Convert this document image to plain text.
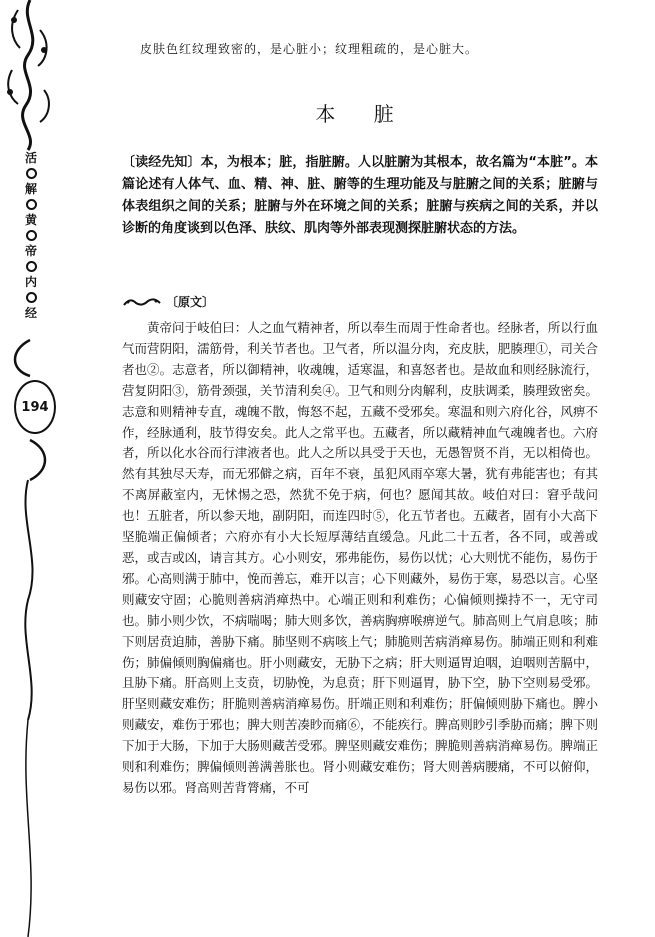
活
解
黄
帝
内
经
194
皮肤色红纹理致密的，是心脏小；纹理粗疏的，是心脏大。
本 脏
〔读经先知〕本，为根本；脏，指脏腑。人以脏腑为其根本，故名篇为“本脏”。本篇论述有人体气、血、精、神、脏、腑等的生理功能及与脏腑之间的关系；脏腑与体表组织之间的关系；脏腑与外在环境之间的关系；脏腑与疾病之间的关系，并以诊断的角度谈到以色泽、肤纹、肌肉等外部表现测探脏腑状态的方法。
〔原文〕
黄帝问于岐伯曰：人之血气精神者，所以奉生而周于性命者也。经脉者，所以行血气而营阴阳，濡筋骨，利关节者也。卫气者，所以温分肉，充皮肤，肥腠理①，司关合者也②。志意者，所以御精神，收魂魄，适寒温，和喜怒者也。是故血和则经脉流行，营复阴阳③，筋骨颈强，关节清利矣④。卫气和则分肉解利，皮肤调柔，腠理致密矣。志意和则精神专直，魂魄不散，悔怒不起，五藏不受邪矣。寒温和则六府化谷，风痹不作，经脉通利，肢节得安矣。此人之常平也。五藏者，所以藏精神血气魂魄者也。六府者，所以化水谷而行津液者也。此人之所以具受于天也，无愚智贤不肖，无以相倚也。然有其独尽天寿，而无邪僻之病，百年不衰，虽犯风雨卒寒大暑，犹有弗能害也；有其不离屏蔽室内，无怵惕之恐，然犹不免于病，何也？愿闻其故。岐伯对曰：窘乎哉问也！五脏者，所以参天地，副阴阳，而连四时⑤，化五节者也。五藏者，固有小大高下坚脆端正偏倾者；六府亦有小大长短厚薄结直缓急。凡此二十五者，各不同，或善或恶，或吉或凶，请言其方。心小则安，邪弗能伤，易伤以忧；心大则忧不能伤，易伤于邪。心高则满于肺中，悗而善忘，难开以言；心下则藏外，易伤于寒，易恐以言。心坚则藏安守固；心脆则善病消瘅热中。心端正则和利难伤；心偏倾则操持不一，无守司也。肺小则少饮，不病喘喝；肺大则多饮，善病胸痹喉痹逆气。肺高则上气肩息咳；肺下则居贲迫肺，善胁下痛。肺坚则不病咳上气；肺脆则苦病消瘅易伤。肺端正则和利难伤；肺偏倾则胸偏痛也。肝小则藏安，无胁下之病；肝大则逼胃迫咽，迫咽则苦膈中，且胁下痛。肝高则上支贲，切胁悗，为息贲；肝下则逼胃，胁下空，胁下空则易受邪。肝坚则藏安难伤；肝脆则善病消瘅易伤。肝端正则和利难伤；肝偏倾则胁下痛也。脾小则藏安，难伤于邪也；脾大则苦凑眇而痛⑥，不能疾行。脾高则眇引季胁而痛；脾下则下加于大肠，下加于大肠则藏苦受邪。脾坚则藏安难伤；脾脆则善病消瘅易伤。脾端正则和利难伤；脾偏倾则善满善胀也。肾小则藏安难伤；肾大则善病腰痛，不可以俯仰，易伤以邪。肾高则苦背膂痛，不可
